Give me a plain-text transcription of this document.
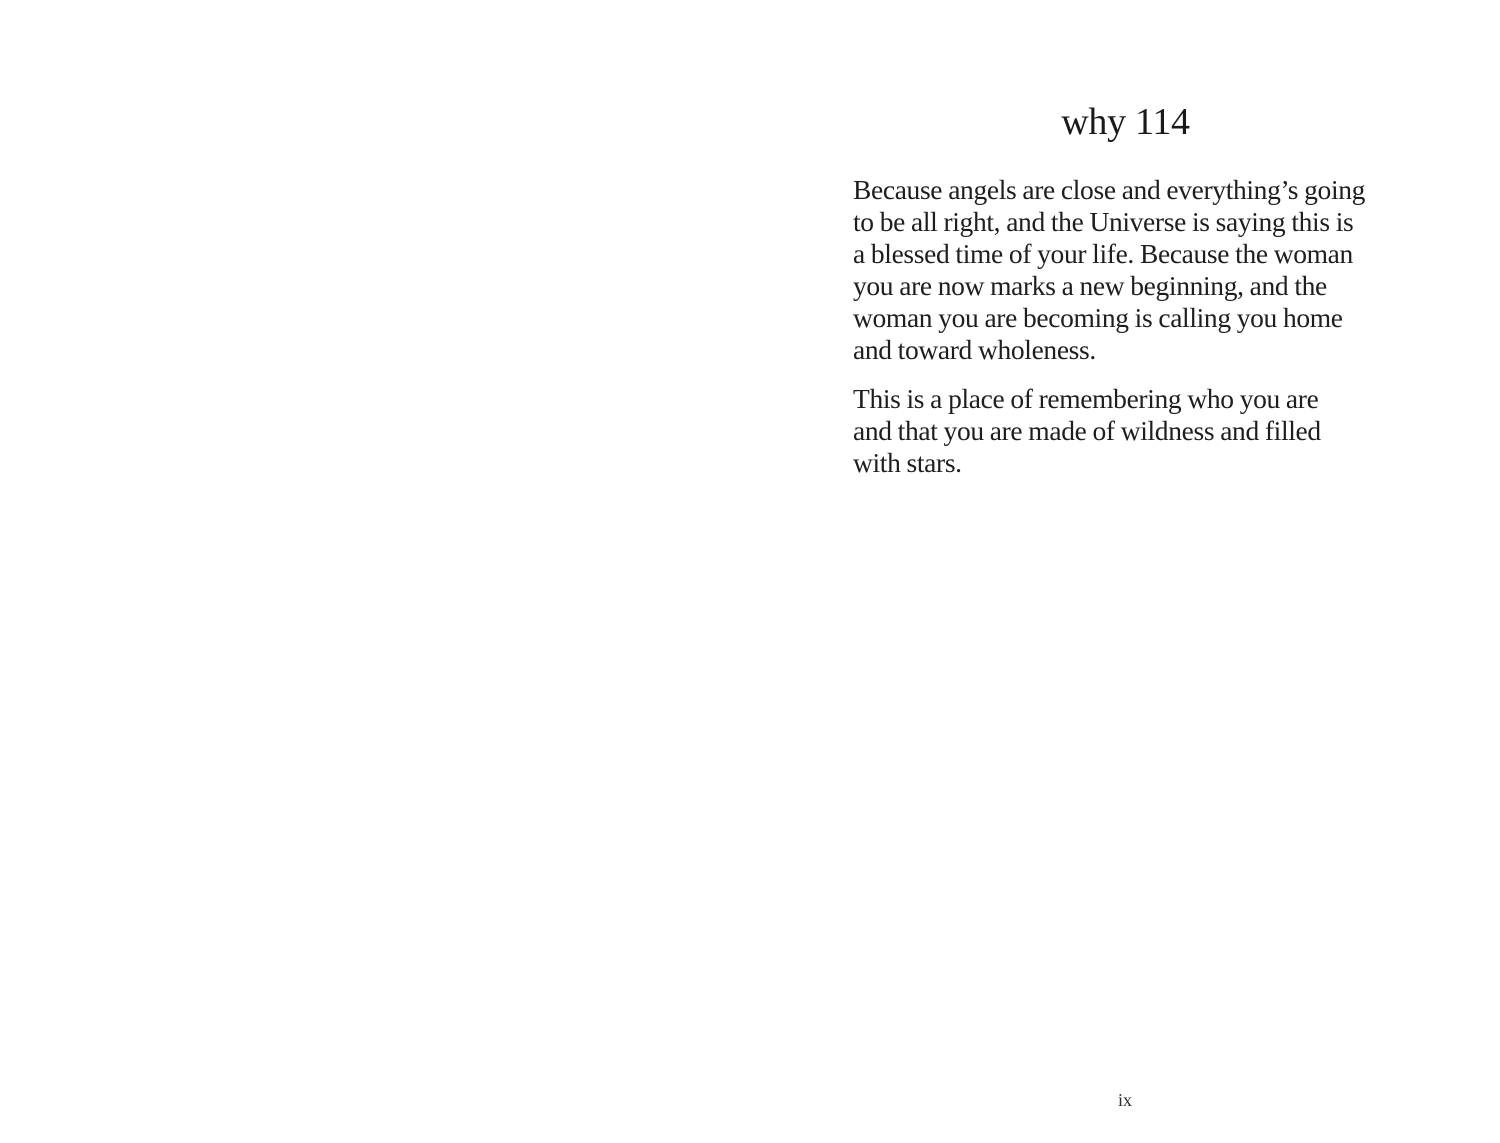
why 114

Because angels are close and everything’s going
to be all right, and the Universe is saying this is
a blessed time of your life. Because the woman
you are now marks a new beginning, and the
woman you are becoming is calling you home
and toward wholeness.

This is a place of remembering who you are
and that you are made of wildness and filled
with stars.

ix
